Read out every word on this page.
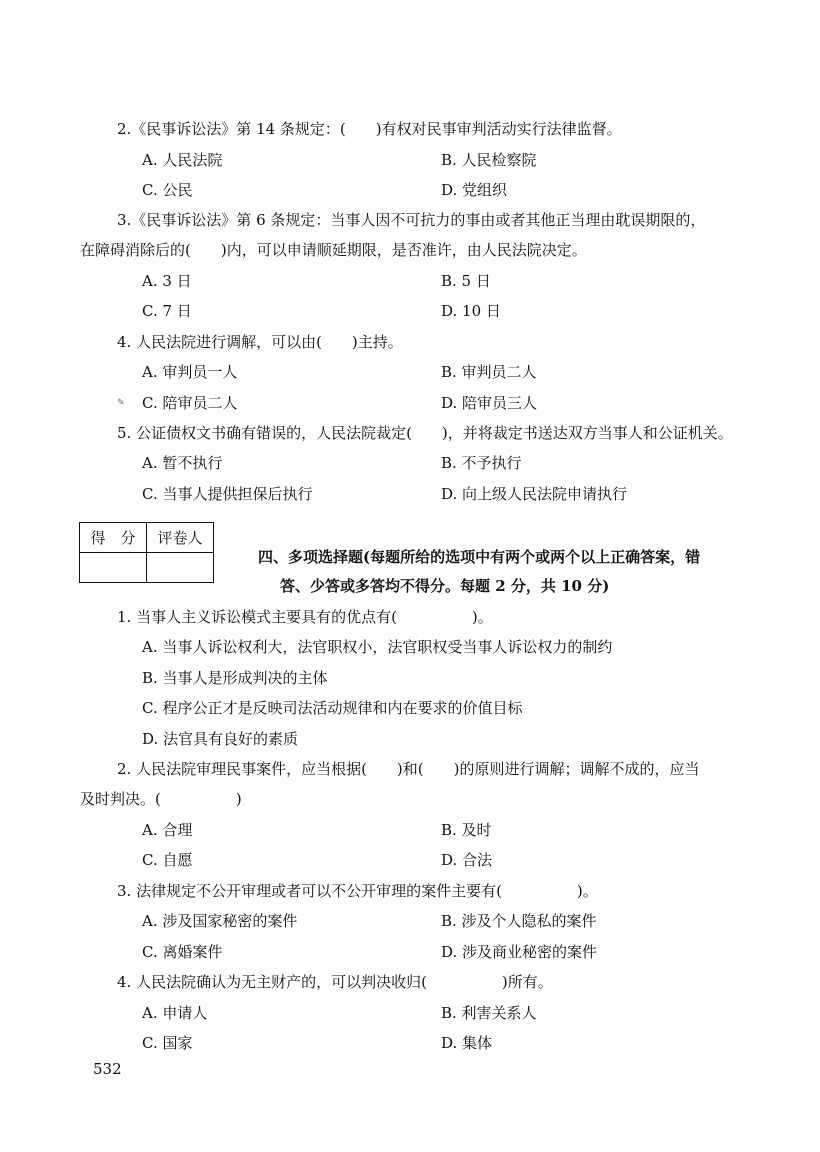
2.《民事诉讼法》第 14 条规定：(　　)有权对民事审判活动实行法律监督。
A. 人民法院	B. 人民检察院
C. 公民	D. 党组织
3.《民事诉讼法》第 6 条规定：当事人因不可抗力的事由或者其他正当理由耽误期限的，
在障碍消除后的(　　)内，可以申请顺延期限，是否准许，由人民法院决定。
A. 3 日	B. 5 日
C. 7 日	D. 10 日
4. 人民法院进行调解，可以由(　　)主持。
A. 审判员一人	B. 审判员二人
✎ C. 陪审员二人	D. 陪审员三人
5. 公证债权文书确有错误的，人民法院裁定(　　)，并将裁定书送达双方当事人和公证机关。
A. 暂不执行	B. 不予执行
C. 当事人提供担保后执行	D. 向上级人民法院申请执行
得　分	评卷人

四、多项选择题(每题所给的选项中有两个或两个以上正确答案，错
答、少答或多答均不得分。每题 2 分，共 10 分)
1. 当事人主义诉讼模式主要具有的优点有(　　　　　)。
A. 当事人诉讼权利大，法官职权小，法官职权受当事人诉讼权力的制约
B. 当事人是形成判决的主体
C. 程序公正才是反映司法活动规律和内在要求的价值目标
D. 法官具有良好的素质
2. 人民法院审理民事案件，应当根据(　　)和(　　)的原则进行调解；调解不成的，应当
及时判决。(　　　　　)
A. 合理	B. 及时
C. 自愿	D. 合法
3. 法律规定不公开审理或者可以不公开审理的案件主要有(　　　　　)。
A. 涉及国家秘密的案件	B. 涉及个人隐私的案件
C. 离婚案件	D. 涉及商业秘密的案件
4. 人民法院确认为无主财产的，可以判决收归(　　　　　)所有。
A. 申请人	B. 利害关系人
C. 国家	D. 集体
532
